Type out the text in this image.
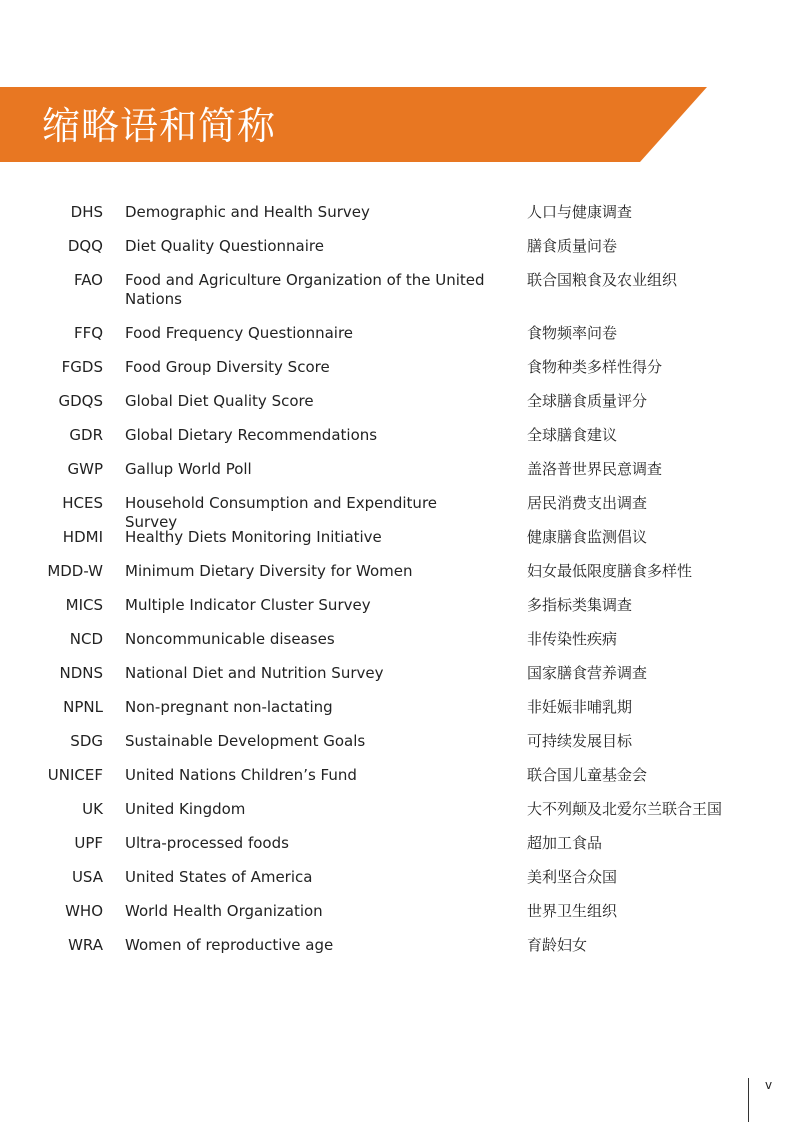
缩略语和简称
DHS Demographic and Health Survey	人口与健康调查
DQQ Diet Quality Questionnaire	膳食质量问卷
FAO Food and Agriculture Organization of the United Nations
联合国粮食及农业组织
FFQ Food Frequency Questionnaire	食物频率问卷
FGDS Food Group Diversity Score	食物种类多样性得分
GDQS Global Diet Quality Score	全球膳食质量评分
GDR Global Dietary Recommendations	全球膳食建议
GWP Gallup World Poll	盖洛普世界民意调查
HCES Household Consumption and Expenditure Survey
居民消费支出调查
HDMI Healthy Diets Monitoring Initiative	健康膳食监测倡议
MDD-W Minimum Dietary Diversity for Women	妇女最低限度膳食多样性
MICS Multiple Indicator Cluster Survey	多指标类集调查
NCD Noncommunicable diseases	非传染性疾病
NDNS National Diet and Nutrition Survey	国家膳食营养调查
NPNL Non-pregnant non-lactating	非妊娠非哺乳期
SDG Sustainable Development Goals	可持续发展目标
UNICEF United Nations Children’s Fund	联合国儿童基金会
UK United Kingdom	大不列颠及北爱尔兰联合王国
UPF Ultra-processed foods	超加工食品
USA United States of America	美利坚合众国
WHO World Health Organization	世界卫生组织
WRA Women of reproductive age	育龄妇女
v
